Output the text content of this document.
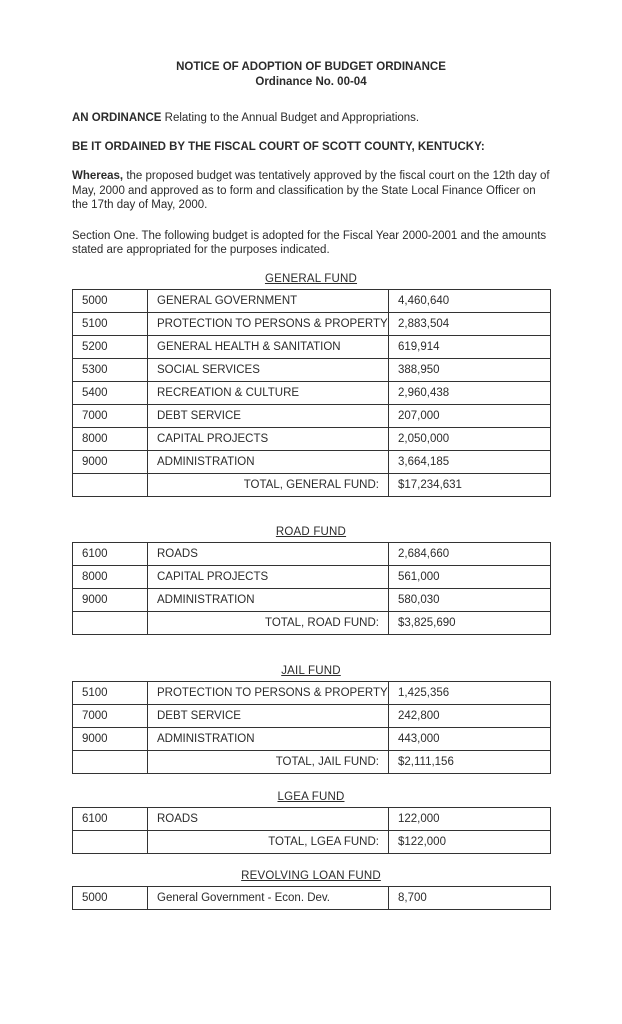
NOTICE OF ADOPTION OF BUDGET ORDINANCE
Ordinance No. 00-04

AN ORDINANCE Relating to the Annual Budget and Appropriations.

BE IT ORDAINED BY THE FISCAL COURT OF SCOTT COUNTY, KENTUCKY:

Whereas, the proposed budget was tentatively approved by the fiscal court on the 12th day of May, 2000 and approved as to form and classification by the State Local Finance Officer on the 17th day of May, 2000.

Section One. The following budget is adopted for the Fiscal Year 2000-2001 and the amounts stated are appropriated for the purposes indicated.

GENERAL FUND
5000	GENERAL GOVERNMENT	4,460,640
5100	PROTECTION TO PERSONS & PROPERTY	2,883,504
5200	GENERAL HEALTH & SANITATION	619,914
5300	SOCIAL SERVICES	388,950
5400	RECREATION & CULTURE	2,960,438
7000	DEBT SERVICE	207,000
8000	CAPITAL PROJECTS	2,050,000
9000	ADMINISTRATION	3,664,185
	TOTAL, GENERAL FUND:	$17,234,631
ROAD FUND
6100	ROADS	2,684,660
8000	CAPITAL PROJECTS	561,000
9000	ADMINISTRATION	580,030
	TOTAL, ROAD FUND:	$3,825,690
JAIL FUND
5100	PROTECTION TO PERSONS & PROPERTY	1,425,356
7000	DEBT SERVICE	242,800
9000	ADMINISTRATION	443,000
	TOTAL, JAIL FUND:	$2,111,156
LGEA FUND
6100	ROADS	122,000
	TOTAL, LGEA FUND:	$122,000
REVOLVING LOAN FUND
5000	General Government - Econ. Dev.	8,700
